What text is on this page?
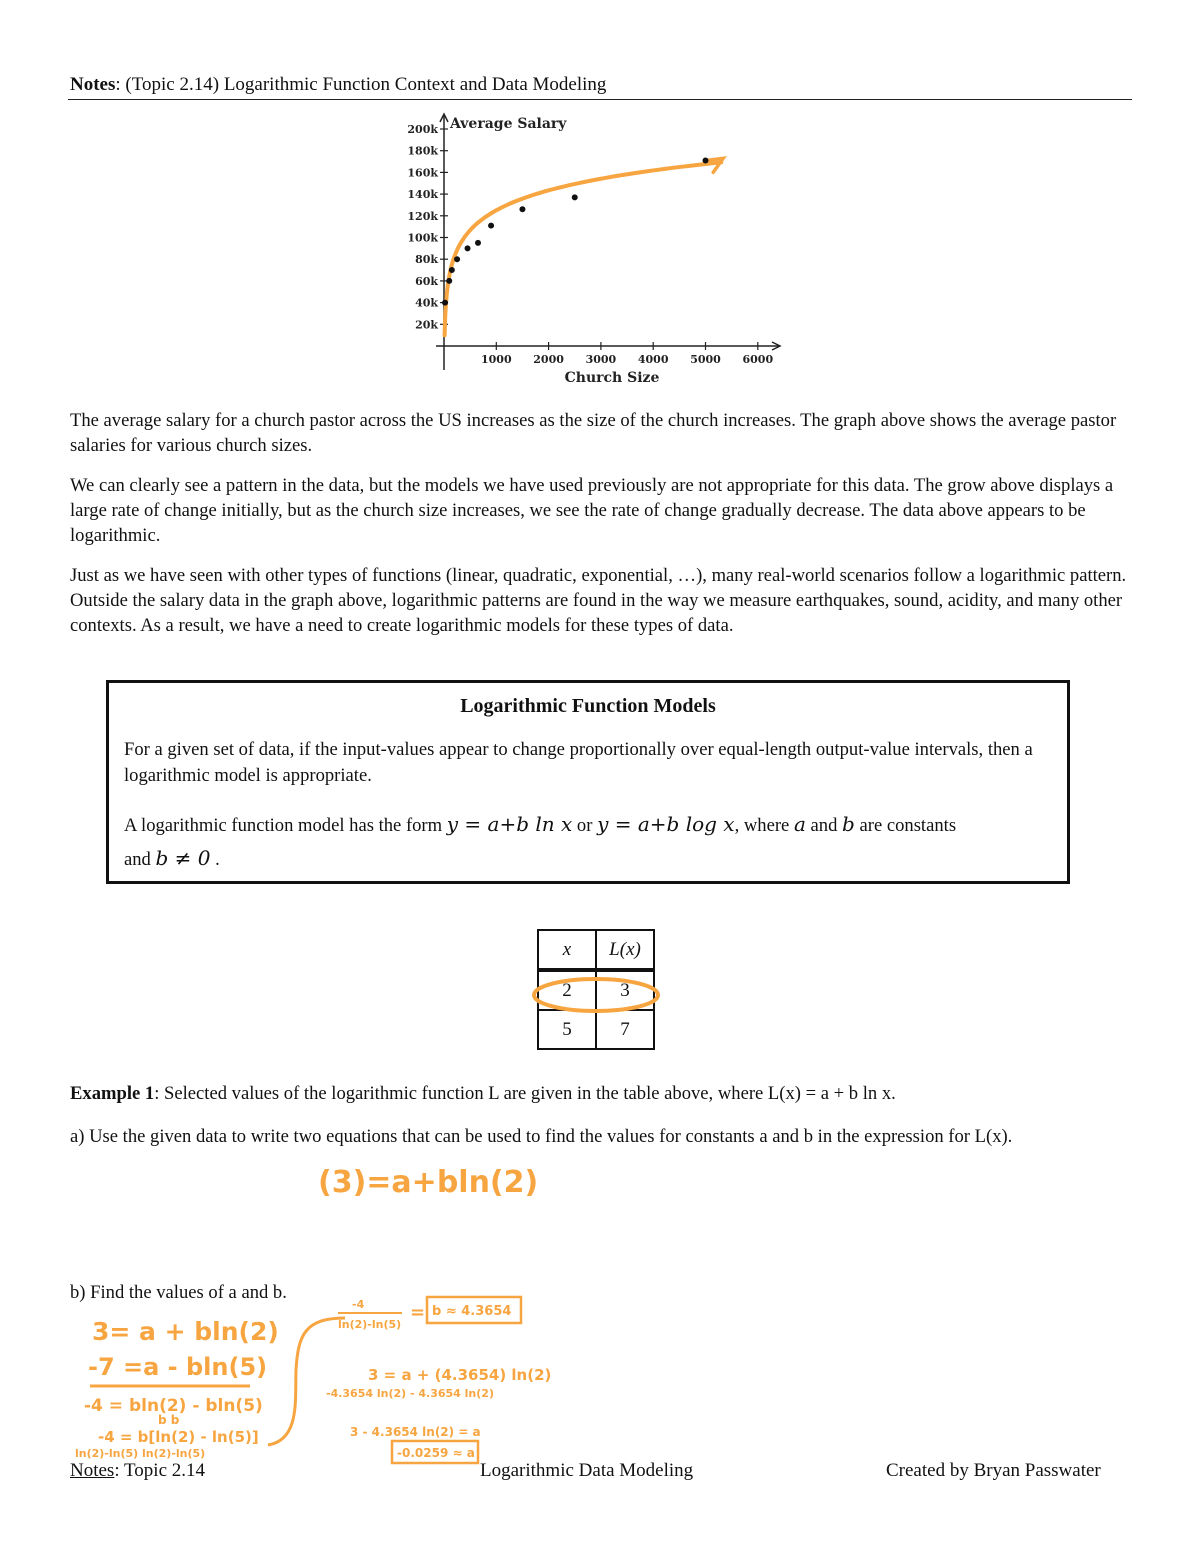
Notes: (Topic 2.14) Logarithmic Function Context and Data Modeling
20k
40k
60k
80k
100k
120k
140k
160k
180k
200k
1000 2000 3000 4000 5000 6000
Average Salary
Church Size
The average salary for a church pastor across the US increases as the size of the church increases. The graph above shows the average pastor salaries for various church sizes.
We can clearly see a pattern in the data, but the models we have used previously are not appropriate for this data. The grow above displays a large rate of change initially, but as the church size increases, we see the rate of change gradually decrease. The data above appears to be logarithmic.
Just as we have seen with other types of functions (linear, quadratic, exponential, …), many real-world scenarios follow a logarithmic pattern. Outside the salary data in the graph above, logarithmic patterns are found in the way we measure earthquakes, sound, acidity, and many other contexts. As a result, we have a need to create logarithmic models for these types of data.
Logarithmic Function Models
For a given set of data, if the input-values appear to change proportionally over equal-length output-value intervals, then a logarithmic model is appropriate.
A logarithmic function model has the form y = a+b ln x or y = a+b log x, where a and b are constants
and b ≠ 0 .
x	L(x)
2	3
5	7
Example 1: Selected values of the logarithmic function L are given in the table above, where L(x) = a + b ln x.
a) Use the given data to write two equations that can be used to find the values for constants a and b in the expression for L(x).
b) Find the values of a and b.
(3)=a+bln(2)
3= a + bln(2)
-7 =a - bln(5)
-4 = bln(2) - bln(5)
b b
-4 = b[ln(2) - ln(5)]
ln(2)-ln(5) ln(2)-ln(5)
-4
ln(2)-ln(5)
= b ≈ 4.3654
3 = a + (4.3654) ln(2)
-4.3654 ln(2) - 4.3654 ln(2)
3 - 4.3654 ln(2) = a
-0.0259 ≈ a
Notes: Topic 2.14	Logarithmic Data Modeling	Created by Bryan Passwater
